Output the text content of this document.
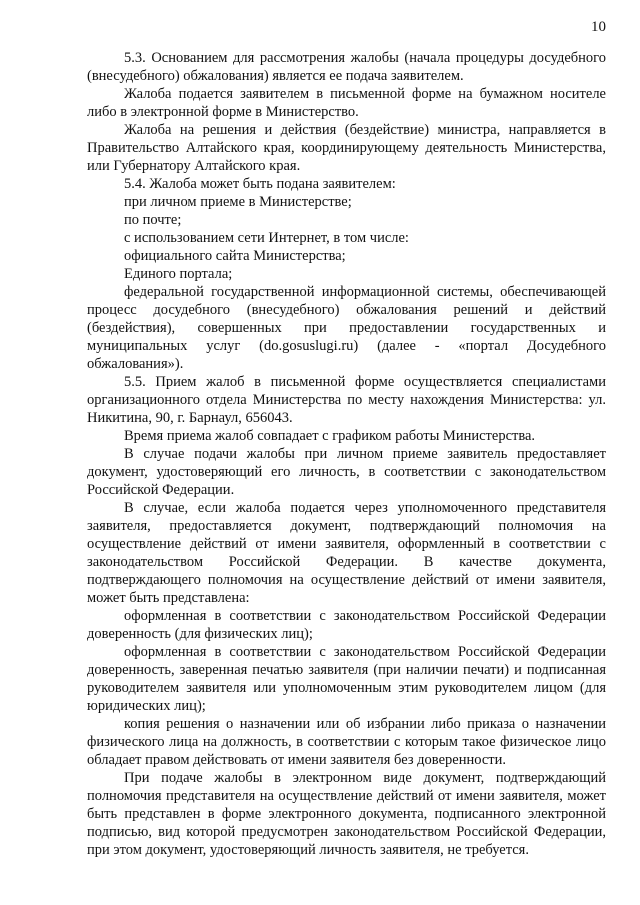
10

5.3. Основанием для рассмотрения жалобы (начала процедуры досудебного (внесудебного) обжалования) является ее подача заявителем.

Жалоба подается заявителем в письменной форме на бумажном носителе либо в электронной форме в Министерство.

Жалоба на решения и действия (бездействие) министра, направляется в Правительство Алтайского края, координирующему деятельность Министерства, или Губернатору Алтайского края.

5.4. Жалоба может быть подана заявителем:

при личном приеме в Министерстве;

по почте;

с использованием сети Интернет, в том числе:

официального сайта Министерства;

Единого портала;

федеральной государственной информационной системы, обеспечивающей процесс досудебного (внесудебного) обжалования решений и действий (бездействия), совершенных при предоставлении государственных и муниципальных услуг (do.gosuslugi.ru) (далее - «портал Досудебного обжалования»).

5.5. Прием жалоб в письменной форме осуществляется специалистами организационного отдела Министерства по месту нахождения Министерства: ул. Никитина, 90, г. Барнаул, 656043.

Время приема жалоб совпадает с графиком работы Министерства.

В случае подачи жалобы при личном приеме заявитель предоставляет документ, удостоверяющий его личность, в соответствии с законодательством Российской Федерации.

В случае, если жалоба подается через уполномоченного представителя заявителя, предоставляется документ, подтверждающий полномочия на осуществление действий от имени заявителя, оформленный в соответствии с законодательством Российской Федерации. В качестве документа, подтверждающего полномочия на осуществление действий от имени заявителя, может быть представлена:

оформленная в соответствии с законодательством Российской Федерации доверенность (для физических лиц);

оформленная в соответствии с законодательством Российской Федерации доверенность, заверенная печатью заявителя (при наличии печати) и подписанная руководителем заявителя или уполномоченным этим руководителем лицом (для юридических лиц);

копия решения о назначении или об избрании либо приказа о назначении физического лица на должность, в соответствии с которым такое физическое лицо обладает правом действовать от имени заявителя без доверенности.

При подаче жалобы в электронном виде документ, подтверждающий полномочия представителя на осуществление действий от имени заявителя, может быть представлен в форме электронного документа, подписанного электронной подписью, вид которой предусмотрен законодательством Российской Федерации, при этом документ, удостоверяющий личность заявителя, не требуется.
